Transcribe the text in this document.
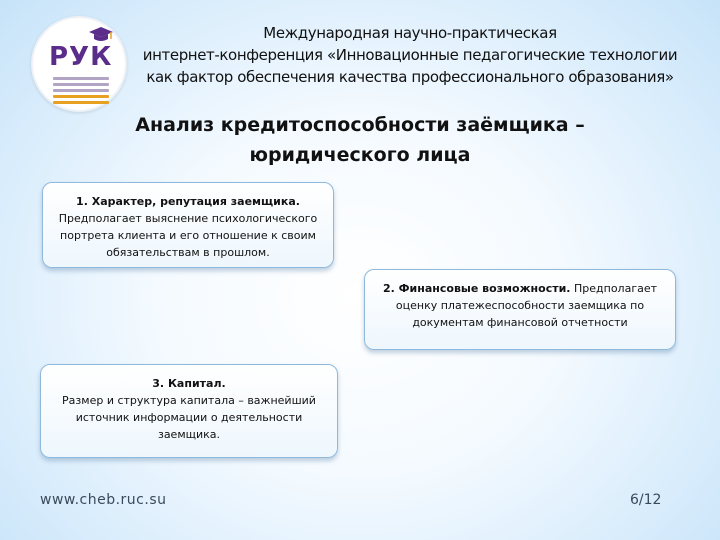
РУК
Международная научно-практическая
интернет-конференция «Инновационные педагогические технологии
как фактор обеспечения качества профессионального образования»
Анализ кредитоспособности заёмщика –
юридического лица
1. Характер, репутация заемщика.
Предполагает выяснение психологического портрета клиента и его отношение к своим обязательствам в прошлом.
2. Финансовые возможности. Предполагает оценку платежеспособности заемщика по документам финансовой отчетности
3. Капитал.
Размер и структура капитала – важнейший источник информации о деятельности заемщика.
www.cheb.ruc.su	6/12
